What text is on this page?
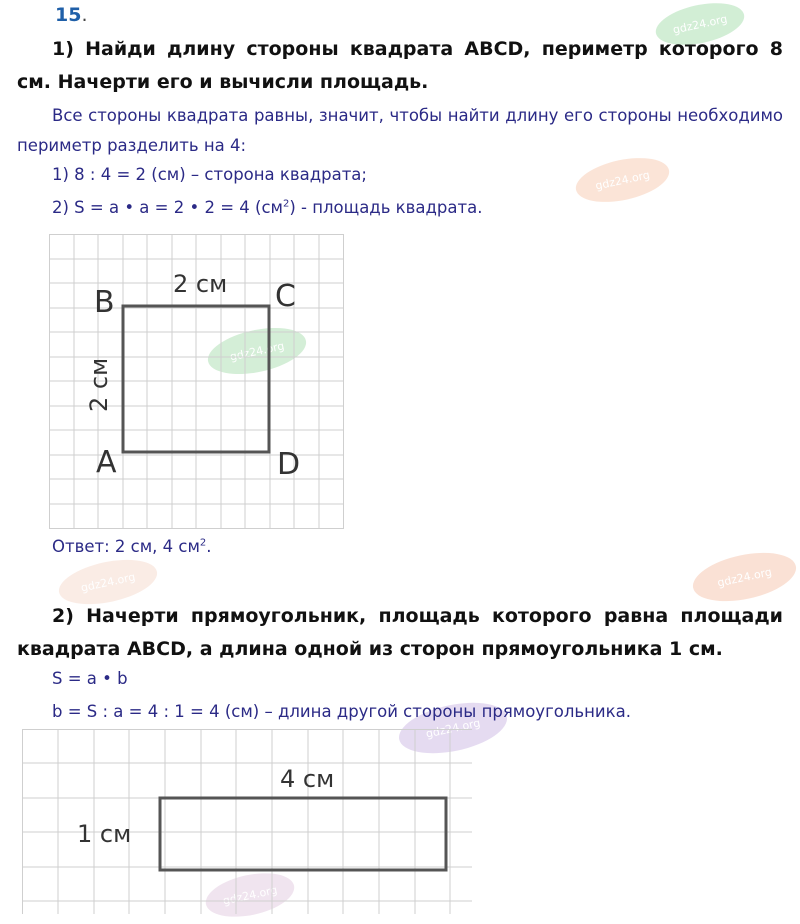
gdz24.org
gdz24.org
gdz24.org
gdz24.org	gdz24.org
gdz24.org
gdz24.org
15.
1) Найди длину стороны квадрата ABCD, периметр которого 8 см. Начерти его и вычисли площадь.
Все стороны квадрата равны, значит, чтобы найти длину его стороны необходимо периметр разделить на 4:
1) 8 : 4 = 2 (см) – сторона квадрата;
2) S = a • a = 2 • 2 = 4 $(см^2)$ - площадь квадрата.
2 см
2 см
B	C
A	D
Ответ: 2 см, 4 $см^2$.
2) Начерти прямоугольник, площадь которого равна площади квадрата ABCD, а длина одной из сторон прямоугольника 1 см.
S = a • b
b = S : a = 4 : 1 = 4 (см) – длина другой стороны прямоугольника.
4 см
1 см
